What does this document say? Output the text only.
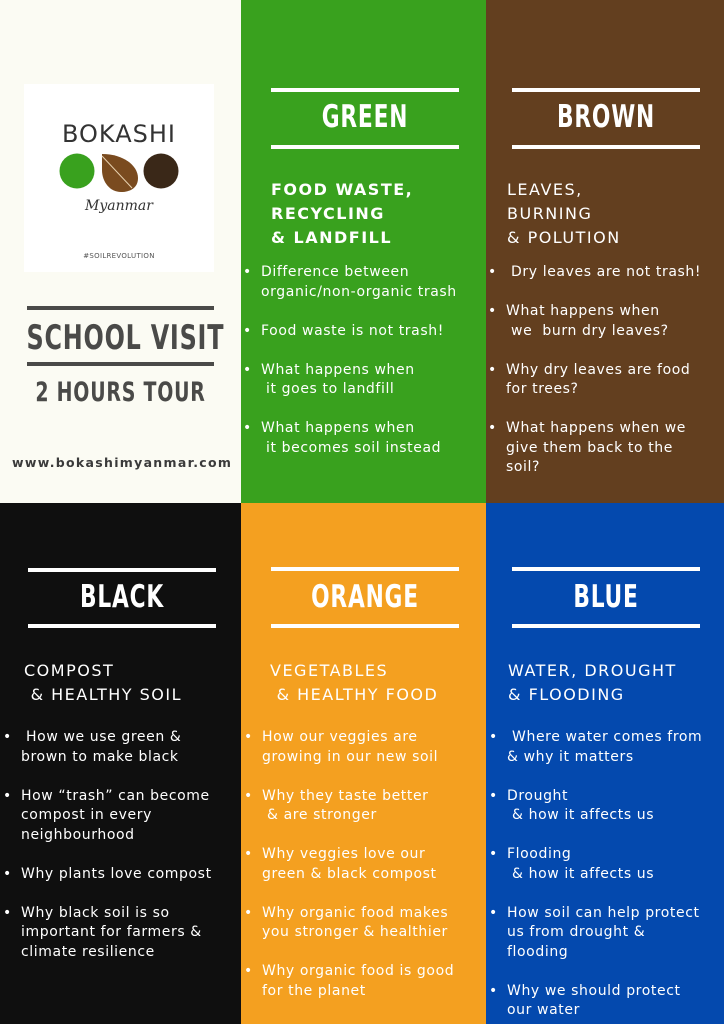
BOKASHI
Myanmar
#SOILREVOLUTION
SCHOOL VISIT
2 HOURS TOUR
www.bokashimyanmar.com
GREEN
FOOD WASTE,
RECYCLING
& LANDFILL
• Difference between
organic/non-organic trash
• Food waste is not trash!
• What happens when
it goes to landfill
• What happens when
it becomes soil instead
BROWN
LEAVES,
BURNING
& POLUTION
• Dry leaves are not trash!
• What happens when
we  burn dry leaves?
• Why dry leaves are food
for trees?
• What happens when we
give them back to the
soil?
BLACK
COMPOST
& HEALTHY SOIL
• How we use green &
brown to make black
• How “trash” can become
compost in every
neighbourhood
• Why plants love compost
• Why black soil is so
important for farmers &
climate resilience
ORANGE
VEGETABLES
& HEALTHY FOOD
• How our veggies are
growing in our new soil
• Why they taste better
& are stronger
• Why veggies love our
green & black compost
• Why organic food makes
you stronger & healthier
• Why organic food is good
for the planet
BLUE
WATER, DROUGHT
& FLOODING
• Where water comes from
& why it matters
• Drought
& how it affects us
• Flooding
& how it affects us
• How soil can help protect
us from drought &
flooding
• Why we should protect
our water
